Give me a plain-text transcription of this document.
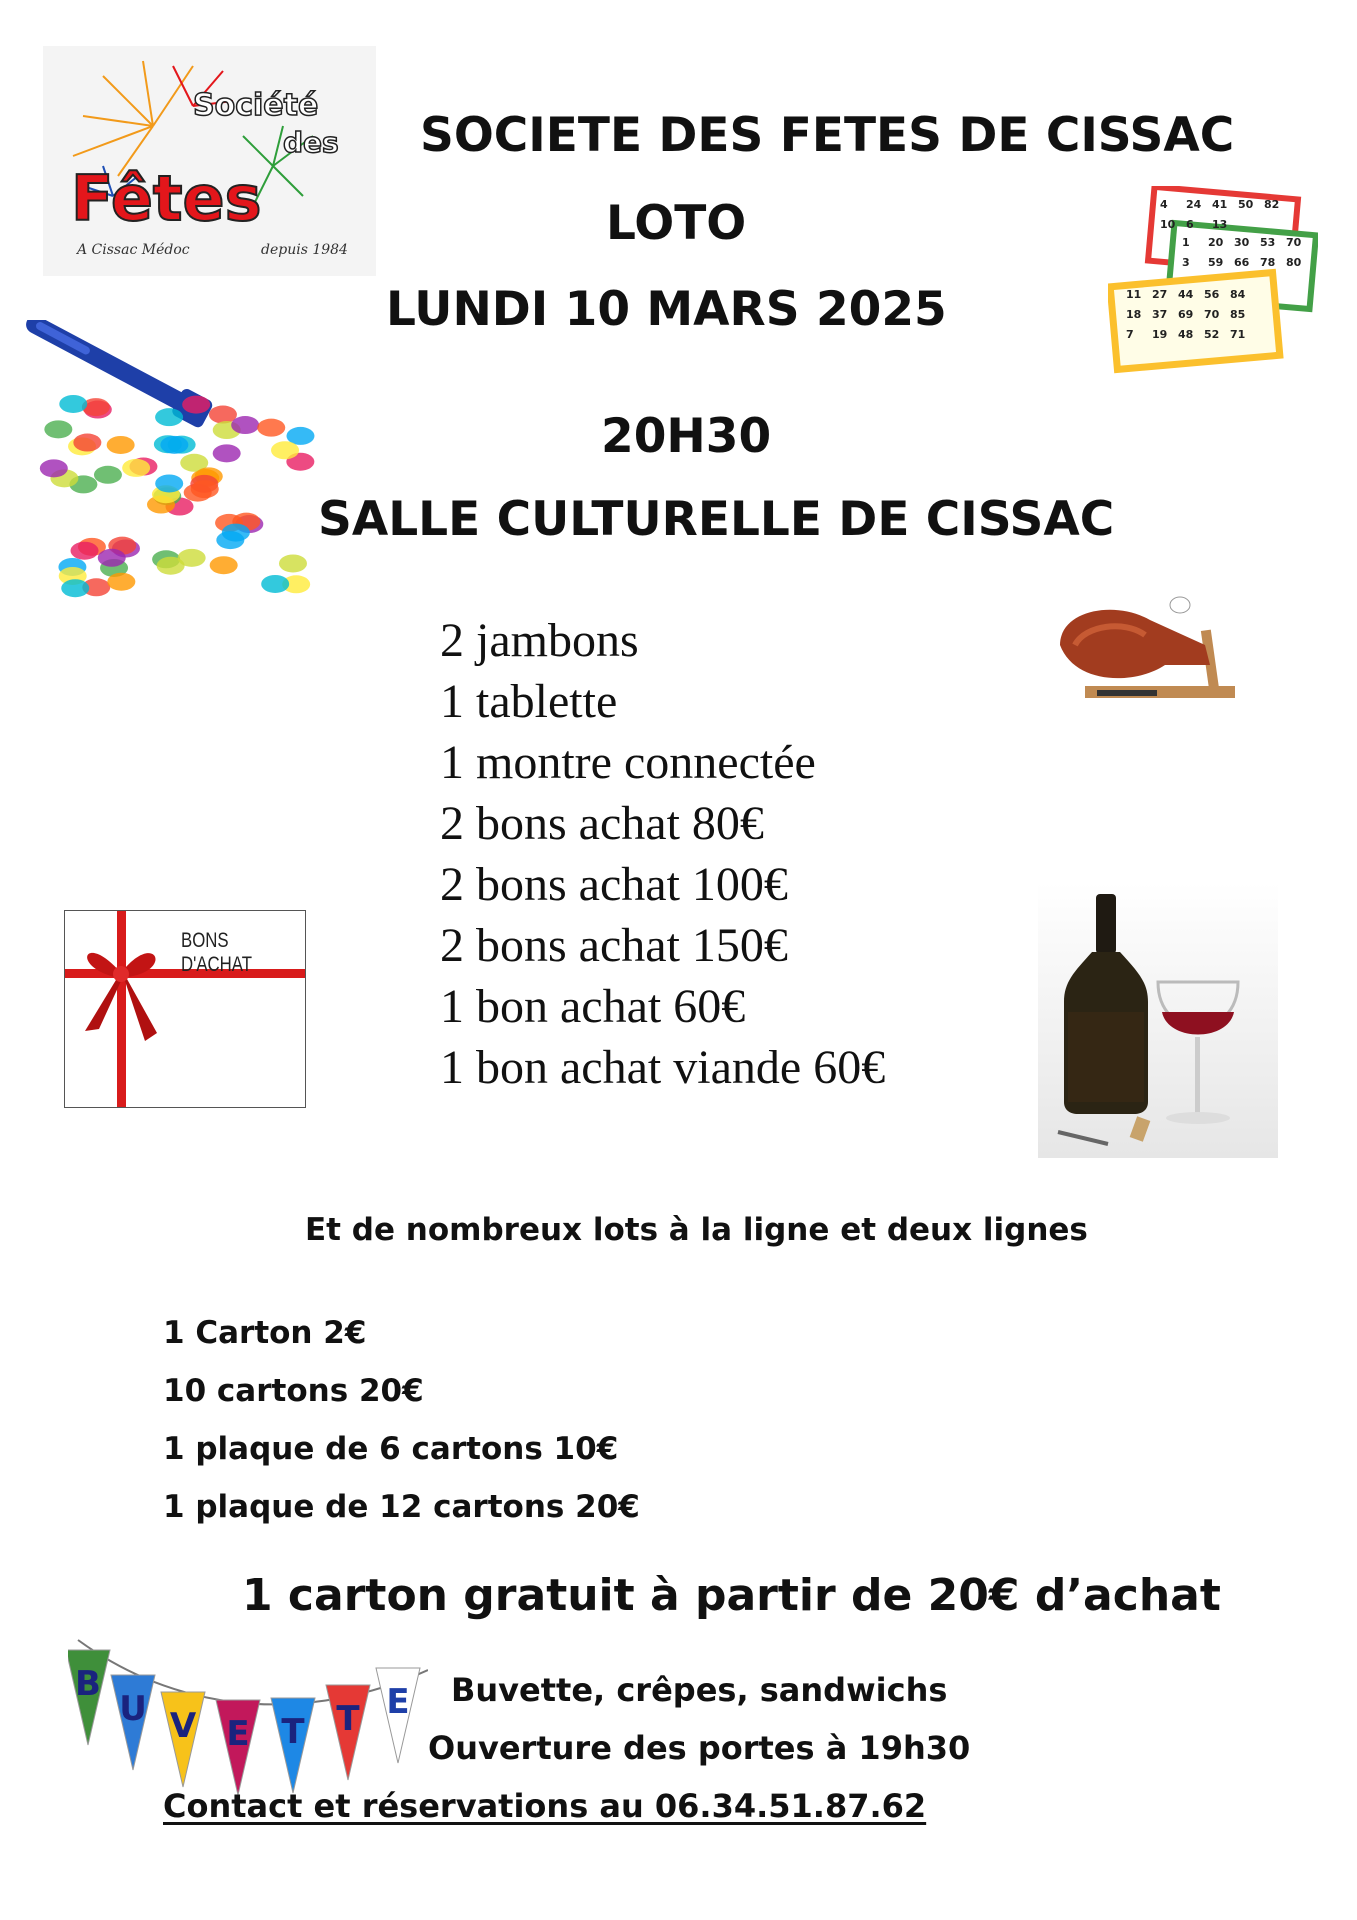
Société
des
Fêtes
A Cissac Médoc	depuis 1984
SOCIETE DES FETES DE CISSAC
LOTO
LUNDI 10 MARS 2025
20H30
SALLE CULTURELLE DE CISSAC
4 24 41 50 82
10 6 13
1 20 30 53 70
3 59 66 78 80
11 27 44 56 84
18 37 69 70 85
7 19 48 52 71
2 jambons
1 tablette
1 montre connectée
2 bons achat 80€
2 bons achat 100€
2 bons achat 150€
1 bon achat 60€
1 bon achat viande 60€
BONS D'ACHAT
Et de nombreux lots à la ligne et deux lignes
1 Carton 2€
10 cartons 20€
1 plaque de 6 cartons 10€
1 plaque de 12 cartons 20€
1 carton gratuit à partir de 20€ d’achat
B
U V E T T E Buvette, crêpes, sandwichs
Ouverture des portes à 19h30
Contact et réservations au 06.34.51.87.62
